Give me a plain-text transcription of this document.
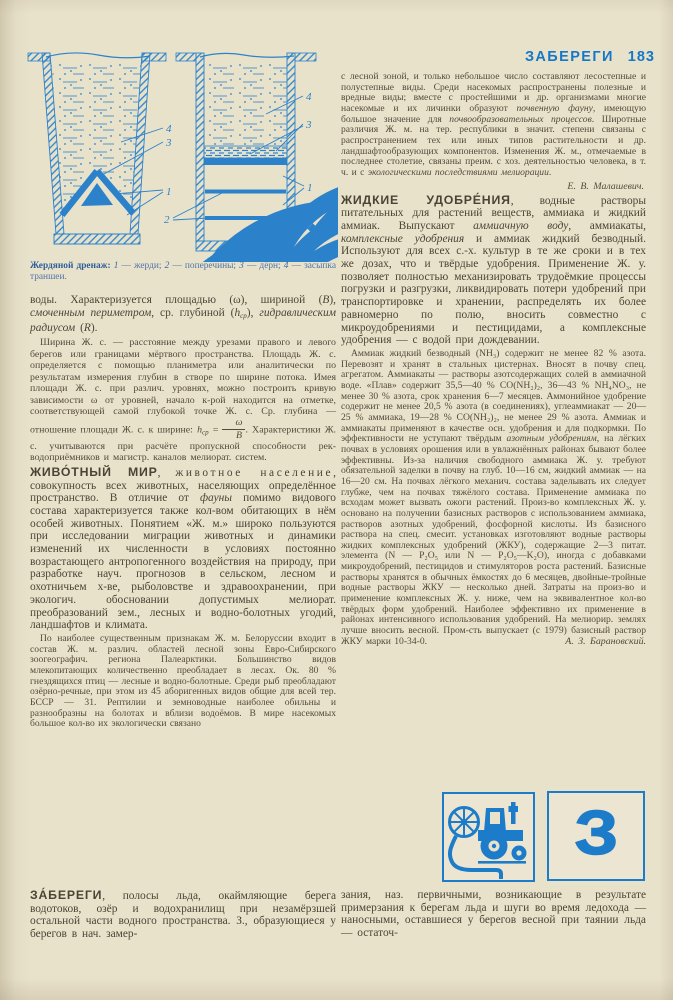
ЗАБЕРЕГИ 183
4
3
1
4
3
1
2
Жердяной дренаж: 1 — жерди; 2 — поперечины; 3 — дёрн; 4 — засыпка траншеи.

воды. Характеризуется площадью (ω), шириной (B), смоченным периметром, ср. глубиной (hср), гидравлическим радиусом (R).

Ширина Ж. с. — расстояние между урезами правого и левого берегов или границами мёртвого пространства. Площадь Ж. с. определяется с помощью планиметра или аналитически по результатам измерения глубин в створе по ширине потока. Имея площади Ж. с. при различ. уровнях, можно построить кривую зависимости ω от уровней, начало к-рой находится на отметке, соответствующей самой глубокой точке Ж. с. Ср. глубина — отношение площади Ж. с. к ширине: $h_{ср} = \frac{\omega}{B}$ . Характеристики Ж. с. учитываются при расчёте пропускной способности рек-водоприёмников и магистр. каналов мелиорат. систем.

ЖИВО́ТНЫЙ МИР, животное население, совокупность всех животных, населяющих определённое пространство. В отличие от фауны помимо видового состава характеризуется также кол-вом обитающих в нём особей животных. Понятием «Ж. м.» широко пользуются при исследовании миграции животных и динамики изменений их численности в условиях постоянно возрастающего антропогенного воздействия на природу, при разработке науч. прогнозов в сельском, лесном и охотничьем х-ве, рыболовстве и здравоохранении, при экологич. обосновании допустимых мелиорат. преобразований зем., лесных и водно-болотных угодий, ландшафтов и климата.

По наиболее существенным признакам Ж. м. Белоруссии входит в состав Ж. м. различ. областей лесной зоны Евро-Сибирского зоогеографич. региона Палеарктики. Большинство видов млекопитающих количественно преобладает в лесах. Ок. 80 % гнездящихся птиц — лесные и водно-болотные. Среди рыб преобладают озёрно-речные, при этом из 45 аборигенных видов общие для всей тер. БССР — 31. Рептилии и земноводные наиболее обильны и разнообразны на болотах и вблизи водоёмов. В мире насекомых большое кол-во их экологически связано

с лесной зоной, и только небольшое число составляют лесостепные и полустепные виды. Среди насекомых распространены полезные и вредные виды; вместе с простейшими и др. организмами многие насекомые и их личинки образуют почвенную фауну, имеющую большое значение для почвообразовательных процессов. Широтные различия Ж. м. на тер. республики в значит. степени связаны с распространением тех или иных типов растительности и др. ландшафтообразующих компонентов. Изменения Ж. м., отмечаемые в последнее столетие, связаны преим. с хоз. деятельностью человека, в т. ч. и с экологическими последствиями мелиорации.

Е. В. Малашевич.

ЖИДКИЕ УДОБРЕ́НИЯ, водные растворы питательных для растений веществ, аммиака и жидкий аммиак. Выпускают аммиачную воду, аммиакаты, комплексные удобрения и аммиак жидкий безводный. Используют для всех с.-х. культур в те же сроки и в тех же дозах, что и твёрдые удобрения. Применение Ж. у. позволяет полностью механизировать трудоёмкие процессы погрузки и разгрузки, ликвидировать потери удобрений при транспортировке и хранении, распределять их более равномерно по полю, вносить совместно с микроудобрениями и пестицидами, а комплексные удобрения — с водой при дождевании.

Аммиак жидкий безводный (NH₃) содержит не менее 82 % азота. Перевозят и хранят в стальных цистернах. Вносят в почву спец. агрегатом. Аммиакаты — растворы азотсодержащих солей в аммиачной воде. «Плав» содержит 35,5—40 % CO(NH₂)₂, 36—43 % NH₄NO₃, не менее 30 % азота, срок хранения 6—7 месяцев. Аммонийное удобрение содержит не менее 20,5 % азота (в соединениях), углеаммиакат — 20—25 % аммиака, 19—28 % CO(NH₂)₂, не менее 29 % азота. Аммиак и аммиакаты применяют в качестве осн. удобрения и для подкормки. По эффективности не уступают твёрдым азотным удобрениям, на лёгких почвах в условиях орошения или в увлажнённых районах бывают более эффективны. Из-за наличия свободного аммиака Ж. у. требуют обязательной заделки в почву на глуб. 10—16 см, жидкий аммиак — на 16—20 см. На почвах лёгкого механич. состава заделывать их следует глубже, чем на почвах тяжёлого состава. Применение аммиака по всходам может вызвать ожоги растений. Произ-во комплексных Ж. у. основано на получении базисных растворов с использованием аммиака, растворов азотных удобрений, фосфорной кислоты. Из базисного раствора на спец. смесит. установках изготовляют водные растворы жидких комплексных удобрений (ЖКУ), содержащие 2—3 питат. элемента (N — P₂O₅ или N — P₂O₅—K₂O), иногда с добавками микроудобрений, пестицидов и стимуляторов роста растений. Базисные растворы хранятся в обычных ёмкостях до 6 месяцев, двойные-тройные водные растворы ЖКУ — несколько дней. Затраты на произ-во и применение комплексных Ж. у. ниже, чем на эквивалентное кол-во твёрдых форм удобрений. Наиболее эффективно их применение в районах интенсивного использования удобрений. На мелиорир. землях лучше вносить весной. Пром-сть выпускает (с 1979) базисный раствор ЖКУ марки 10-34-0.	А. З. Барановский.

З

ЗА́БЕРЕГИ, полосы льда, окаймляющие берега водотоков, озёр и водохранилищ при незамёрзшей остальной части водного пространства. З., образующиеся у берегов в нач. замер-

зания, наз. первичными, возникающие в результате примерзания к берегам льда и шуги во время ледохода — наносными, оставшиеся у берегов весной при таянии льда — остаточ-
